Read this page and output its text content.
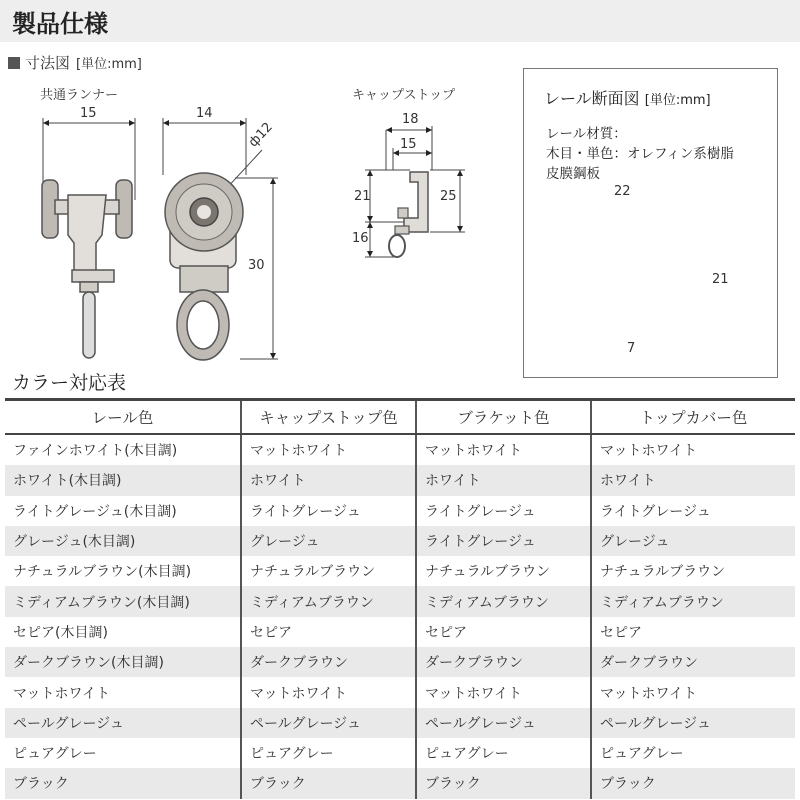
製品仕様
寸法図 [単位:mm]
共通ランナー
15	14
ф12
30
キャップストップ
18
15
21	25
16
レール断面図 [単位:mm]
レール材質：
木目・単色：オレフィン系樹脂
皮膜鋼板
22
21
7
カラー対応表
レール色	キャップストップ色	ブラケット色	トップカバー色
ファインホワイト(木目調)	マットホワイト	マットホワイト	マットホワイト
ホワイト(木目調)	ホワイト	ホワイト	ホワイト
ライトグレージュ(木目調)	ライトグレージュ	ライトグレージュ	ライトグレージュ
グレージュ(木目調)	グレージュ	ライトグレージュ	グレージュ
ナチュラルブラウン(木目調)	ナチュラルブラウン	ナチュラルブラウン	ナチュラルブラウン
ミディアムブラウン(木目調)	ミディアムブラウン	ミディアムブラウン	ミディアムブラウン
セピア(木目調)	セピア	セピア	セピア
ダークブラウン(木目調)	ダークブラウン	ダークブラウン	ダークブラウン
マットホワイト	マットホワイト	マットホワイト	マットホワイト
ペールグレージュ	ペールグレージュ	ペールグレージュ	ペールグレージュ
ピュアグレー	ピュアグレー	ピュアグレー	ピュアグレー
ブラック	ブラック	ブラック	ブラック
